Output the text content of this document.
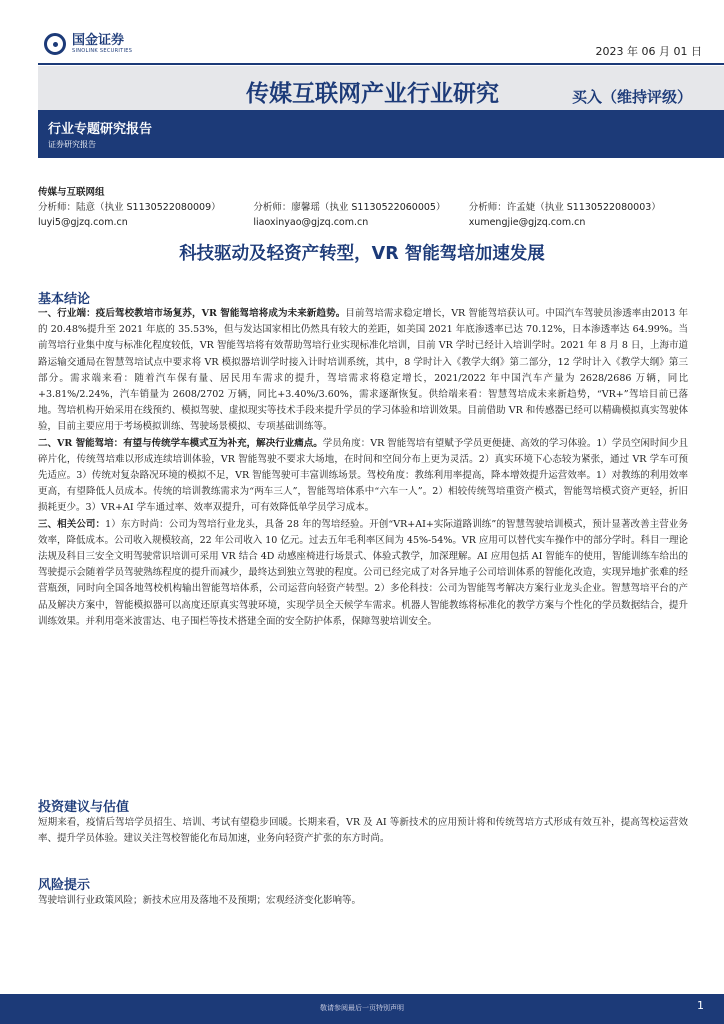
国金证券
SINOLINK SECURITIES	2023 年 06 月 01 日
传媒互联网产业行业研究	买入（维持评级）
行业专题研究报告
证券研究报告
传媒与互联网组
分析师：陆意（执业 S1130522080009）
luyi5@gjzq.com.cn
分析师：廖馨瑶（执业 S1130522060005）
liaoxinyao@gjzq.com.cn
分析师：许孟婕（执业 S1130522080003）
xumengjie@gjzq.com.cn
科技驱动及轻资产转型，VR 智能驾培加速发展
基本结论

一、行业端：疫后驾校教培市场复苏，VR 智能驾培将成为未来新趋势。目前驾培需求稳定增长，VR 智能驾培获认可。中国汽车驾驶员渗透率由2013 年的 20.48%提升至 2021 年底的 35.53%，但与发达国家相比仍然具有较大的差距，如美国 2021 年底渗透率已达 70.12%，日本渗透率达 64.99%。当前驾培行业集中度与标准化程度较低，VR 智能驾培将有效帮助驾培行业实现标准化培训，目前 VR 学时已经计入培训学时。2021 年 8 月 8 日，上海市道路运输交通局在智慧驾培试点中要求将 VR 模拟器培训学时接入计时培训系统，其中，8 学时计入《教学大纲》第二部分，12 学时计入《教学大纲》第三部分。需求端来看：随着汽车保有量、居民用车需求的提升，驾培需求将稳定增长，2021/2022 年中国汽车产量为 2628/2686 万辆，同比+3.81%/2.24%，汽车销量为 2608/2702 万辆，同比+3.40%/3.60%，需求逐渐恢复。供给端来看：智慧驾培成未来新趋势，“VR+”驾培目前已落地。驾培机构开始采用在线预约、模拟驾驶、虚拟现实等技术手段来提升学员的学习体验和培训效果。目前借助 VR 和传感器已经可以精确模拟真实驾驶体验，目前主要应用于考场模拟训练、驾驶场景模拟、专项基础训练等。

二、VR 智能驾培：有望与传统学车模式互为补充，解决行业痛点。学员角度：VR 智能驾培有望赋予学员更便捷、高效的学习体验。1）学员空闲时间少且碎片化，传统驾培难以形成连续培训体验，VR 智能驾驶不要求大场地，在时间和空间分布上更为灵活。2）真实环境下心态较为紧张，通过 VR 学车可预先适应。3）传统对复杂路况环境的模拟不足，VR 智能驾驶可丰富训练场景。驾校角度：教练利用率提高，降本增效提升运营效率。1）对教练的利用效率更高，有望降低人员成本。传统的培训教练需求为“两车三人”，智能驾培体系中“六车一人”。2）相较传统驾培重资产模式，智能驾培模式资产更轻，折旧损耗更少。3）VR+AI 学车通过率、效率双提升，可有效降低单学员学习成本。

三、相关公司：1）东方时尚：公司为驾培行业龙头，具备 28 年的驾培经验。开创“VR+AI+实际道路训练”的智慧驾驶培训模式，预计显著改善主营业务效率，降低成本。公司收入规模较高，22 年公司收入 10 亿元。过去五年毛利率区间为 45%-54%。VR 应用可以替代实车操作中的部分学时。科目一理论法规及科目三安全文明驾驶常识培训可采用 VR 结合 4D 动感座椅进行场景式、体验式教学，加深理解。AI 应用包括 AI 智能车的使用，智能训练车给出的驾驶提示会随着学员驾驶熟练程度的提升而减少，最终达到独立驾驶的程度。公司已经完成了对各异地子公司培训体系的智能化改造，实现异地扩张难的经营瓶颈，同时向全国各地驾校机构输出智能驾培体系，公司运营向轻资产转型。2）多伦科技：公司为智能驾考解决方案行业龙头企业。智慧驾培平台的产品及解决方案中，智能模拟器可以高度还原真实驾驶环境，实现学员全天候学车需求。机器人智能教练将标准化的教学方案与个性化的学员数据结合，提升训练效果。并利用毫米波雷达、电子围栏等技术搭建全面的安全防护体系，保障驾驶培训安全。

投资建议与估值

短期来看，疫情后驾培学员招生、培训、考试有望稳步回暖。长期来看，VR 及 AI 等新技术的应用预计将和传统驾培方式形成有效互补，提高驾校运营效率、提升学员体验。建议关注驾校智能化布局加速，业务向轻资产扩张的东方时尚。

风险提示

驾驶培训行业政策风险；新技术应用及落地不及预期；宏观经济变化影响等。

敬请参阅最后一页特别声明	1
